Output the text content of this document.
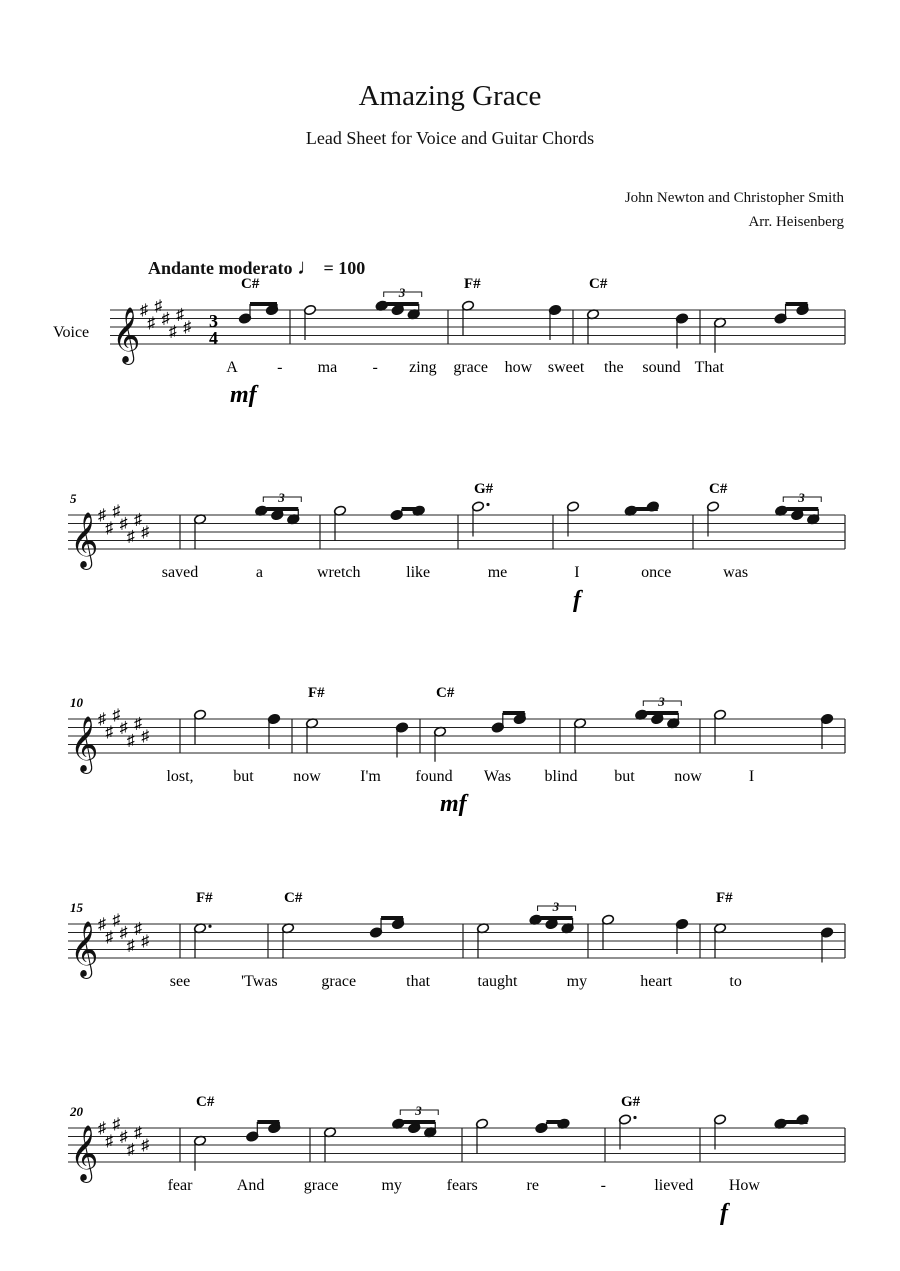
Amazing Grace
Lead Sheet for Voice and Guitar Chords
John Newton and Christopher Smith
Arr. Heisenberg
Andante moderato ♩ = 100
𝄞 ♯
♯
♯
♯
♯
♯
♯
Voice
3
4
3
C#	F#	C#
A - ma - zing grace how sweet the sound That
mf
𝄞 ♯
♯
♯
♯
♯
♯
♯
5	3	3
G#	C#
saved	a	wretch	like	me	I	once	was
f
𝄞 ♯
♯
♯
♯
♯
♯
♯
10	3
F#	C#
lost, but now I'm found Was blind but now	I
mf
𝄞 ♯
♯
♯
♯
♯
♯
♯
15	3
F#	C#	F#
see	'Twas	grace	that	taught	my	heart	to
𝄞 ♯
♯
♯
♯
♯
♯
♯
20	3
C#	G#
fear	And grace	my	fears	re	-	lieved How
f
